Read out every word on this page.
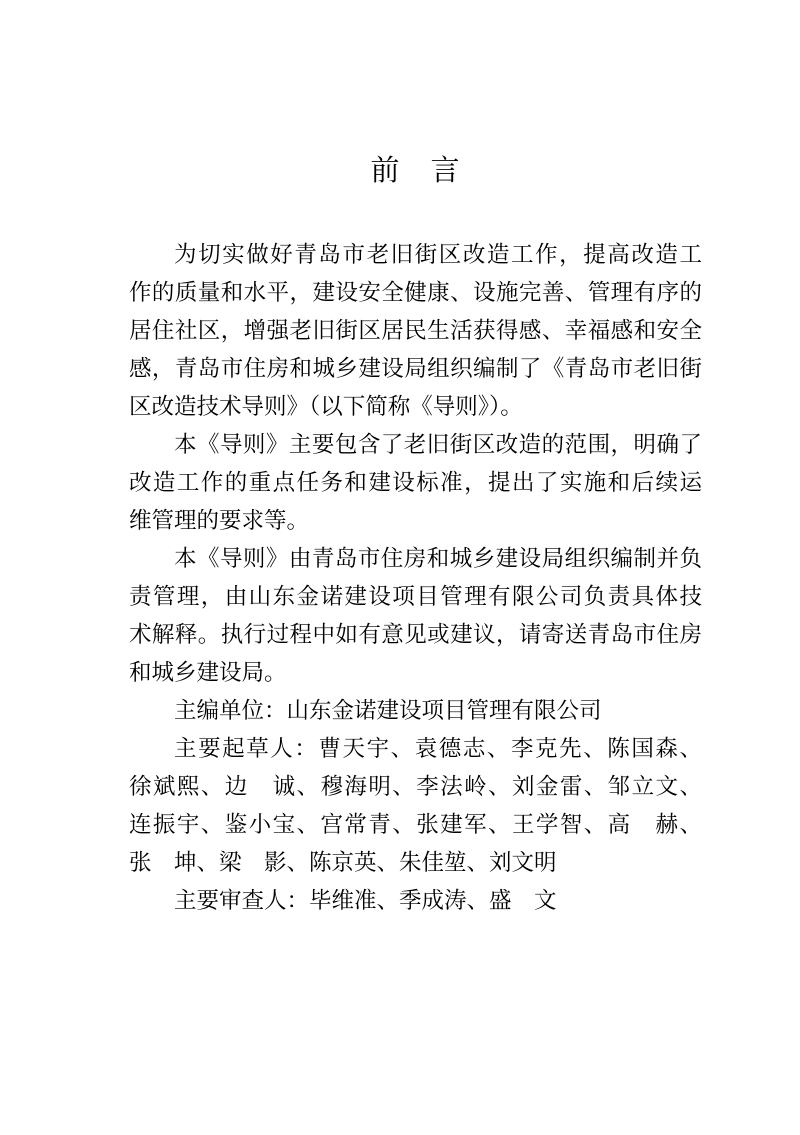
前　言
为切实做好青岛市老旧街区改造工作，提高改造工
作的质量和水平，建设安全健康、设施完善、管理有序的
居住社区，增强老旧街区居民生活获得感、幸福感和安全
感，青岛市住房和城乡建设局组织编制了《青岛市老旧街
区改造技术导则》（以下简称《导则》）。
本《导则》主要包含了老旧街区改造的范围，明确了
改造工作的重点任务和建设标准，提出了实施和后续运
维管理的要求等。
本《导则》由青岛市住房和城乡建设局组织编制并负
责管理，由山东金诺建设项目管理有限公司负责具体技
术解释。执行过程中如有意见或建议，请寄送青岛市住房
和城乡建设局。
主编单位：山东金诺建设项目管理有限公司
主要起草人：曹天宇、袁德志、李克先、陈国森、
徐斌熙、边　诚、穆海明、李法岭、刘金雷、邹立文、
连振宇、鉴小宝、宫常青、张建军、王学智、高　赫、
张　坤、梁　影、陈京英、朱佳堃、刘文明
主要审查人：毕维准、季成涛、盛　文
